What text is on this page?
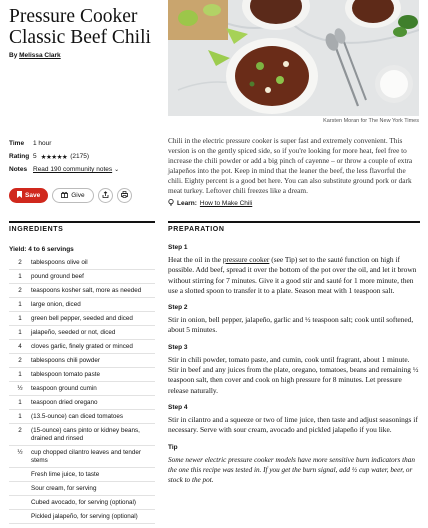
Pressure Cooker Classic Beef Chili
By Melissa Clark
Karsten Moran for The New York Times
Time	1 hour
Rating 5 ★★★★★ (2175)
Notes Read 190 community notes ⌄
Save	Give

Chili in the electric pressure cooker is super fast and extremely convenient. This version is on the gently spiced side, so if you're looking for more heat, feel free to increase the chili powder or add a big pinch of cayenne – or throw a couple of extra jalapeños into the pot. Keep in mind that the leaner the beef, the less flavorful the chili. Eighty percent is a good bet here. You can also substitute ground pork or dark meat turkey. Leftover chili freezes like a dream.

Learn: How to Make Chili
INGREDIENTS	PREPARATION
Yield: 4 to 6 servings
2	tablespoons olive oil
1	pound ground beef
2	teaspoons kosher salt, more as needed
1	large onion, diced
1	green bell pepper, seeded and diced
1	jalapeño, seeded or not, diced
4	cloves garlic, finely grated or minced
2	tablespoons chili powder
1	tablespoon tomato paste
½	teaspoon ground cumin
1	teaspoon dried oregano
1	(13.5-ounce) can diced tomatoes
2	(15-ounce) cans pinto or kidney beans, drained and rinsed
½	cup chopped cilantro leaves and tender stems
Fresh lime juice, to taste
Sour cream, for serving
Cubed avocado, for serving (optional)
Pickled jalapeño, for serving (optional)
Step 1

Heat the oil in the pressure cooker (see Tip) set to the sauté function on high if possible. Add beef, spread it over the bottom of the pot over the oil, and let it brown without stirring for 7 minutes. Give it a good stir and sauté for 1 more minute, then use a slotted spoon to transfer it to a plate. Season meat with 1 teaspoon salt.

Step 2

Stir in onion, bell pepper, jalapeño, garlic and ½ teaspoon salt; cook until softened, about 5 minutes.

Step 3

Stir in chili powder, tomato paste, and cumin, cook until fragrant, about 1 minute. Stir in beef and any juices from the plate, oregano, tomatoes, beans and remaining ½ teaspoon salt, then cover and cook on high pressure for 8 minutes. Let pressure release naturally.

Step 4

Stir in cilantro and a squeeze or two of lime juice, then taste and adjust seasonings if necessary. Serve with sour cream, avocado and pickled jalapeño if you like.

Tip

Some newer electric pressure cooker models have more sensitive burn indicators than the one this recipe was tested in. If you get the burn signal, add ½ cup water, beer, or stock to the pot.
